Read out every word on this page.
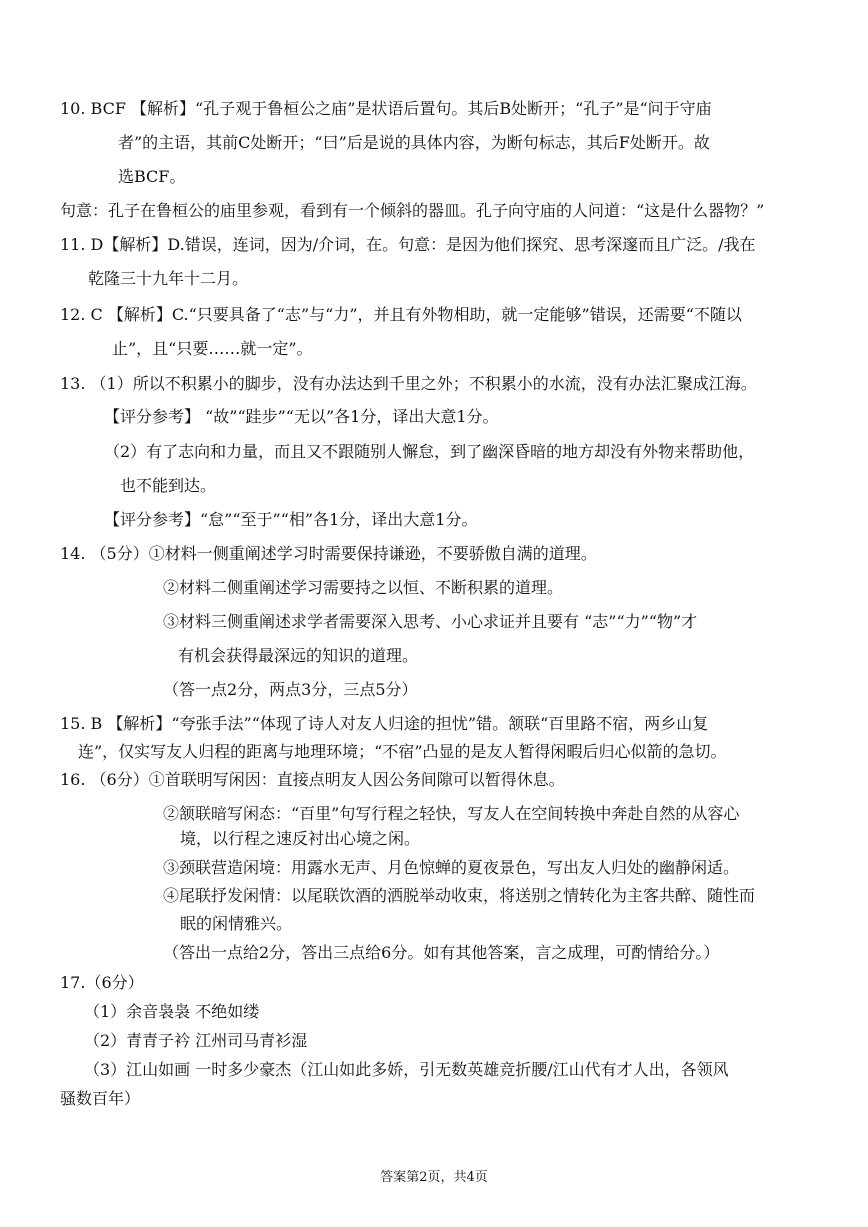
10. BCF 【解析】“孔子观于鲁桓公之庙”是状语后置句。其后B处断开；“孔子”是“问于守庙
者”的主语，其前C处断开；“曰”后是说的具体内容，为断句标志，其后F处断开。故
选BCF。
句意：孔子在鲁桓公的庙里参观，看到有一个倾斜的器皿。孔子向守庙的人问道：“这是什么器物？”
11. D【解析】D.错误，连词，因为/介词，在。句意：是因为他们探究、思考深邃而且广泛。/我在
乾隆三十九年十二月。
12. C 【解析】C.“只要具备了“志”与“力”，并且有外物相助，就一定能够”错误，还需要“不随以
止”，且“只要……就一定”。
13. （1）所以不积累小的脚步，没有办法达到千里之外；不积累小的水流，没有办法汇聚成江海。
【评分参考】 “故”“跬步”“无以”各1分，译出大意1分。
（2）有了志向和力量，而且又不跟随别人懈怠，到了幽深昏暗的地方却没有外物来帮助他，
也不能到达。
【评分参考】“怠”“至于”“相”各1分，译出大意1分。
14. （5分）①材料一侧重阐述学习时需要保持谦逊，不要骄傲自满的道理。
②材料二侧重阐述学习需要持之以恒、不断积累的道理。
③材料三侧重阐述求学者需要深入思考、小心求证并且要有 “志”“力”“物”才
有机会获得最深远的知识的道理。
（答一点2分，两点3分，三点5分）
15. B 【解析】“夸张手法”“体现了诗人对友人归途的担忧”错。颔联“百里路不宿，两乡山复
连”，仅实写友人归程的距离与地理环境；“不宿”凸显的是友人暂得闲暇后归心似箭的急切。
16. （6分）①首联明写闲因：直接点明友人因公务间隙可以暂得休息。
②颔联暗写闲态：“百里”句写行程之轻快，写友人在空间转换中奔赴自然的从容心
境，以行程之速反衬出心境之闲。
③颈联营造闲境：用露水无声、月色惊蝉的夏夜景色，写出友人归处的幽静闲适。
④尾联抒发闲情：以尾联饮酒的洒脱举动收束，将送别之情转化为主客共醉、随性而
眠的闲情雅兴。
（答出一点给2分，答出三点给6分。如有其他答案，言之成理，可酌情给分。）
17.（6分）
（1）余音袅袅 不绝如缕
（2）青青子衿 江州司马青衫湿
（3）江山如画 一时多少豪杰（江山如此多娇，引无数英雄竞折腰/江山代有才人出，各领风
骚数百年）
答案第2页，共4页
